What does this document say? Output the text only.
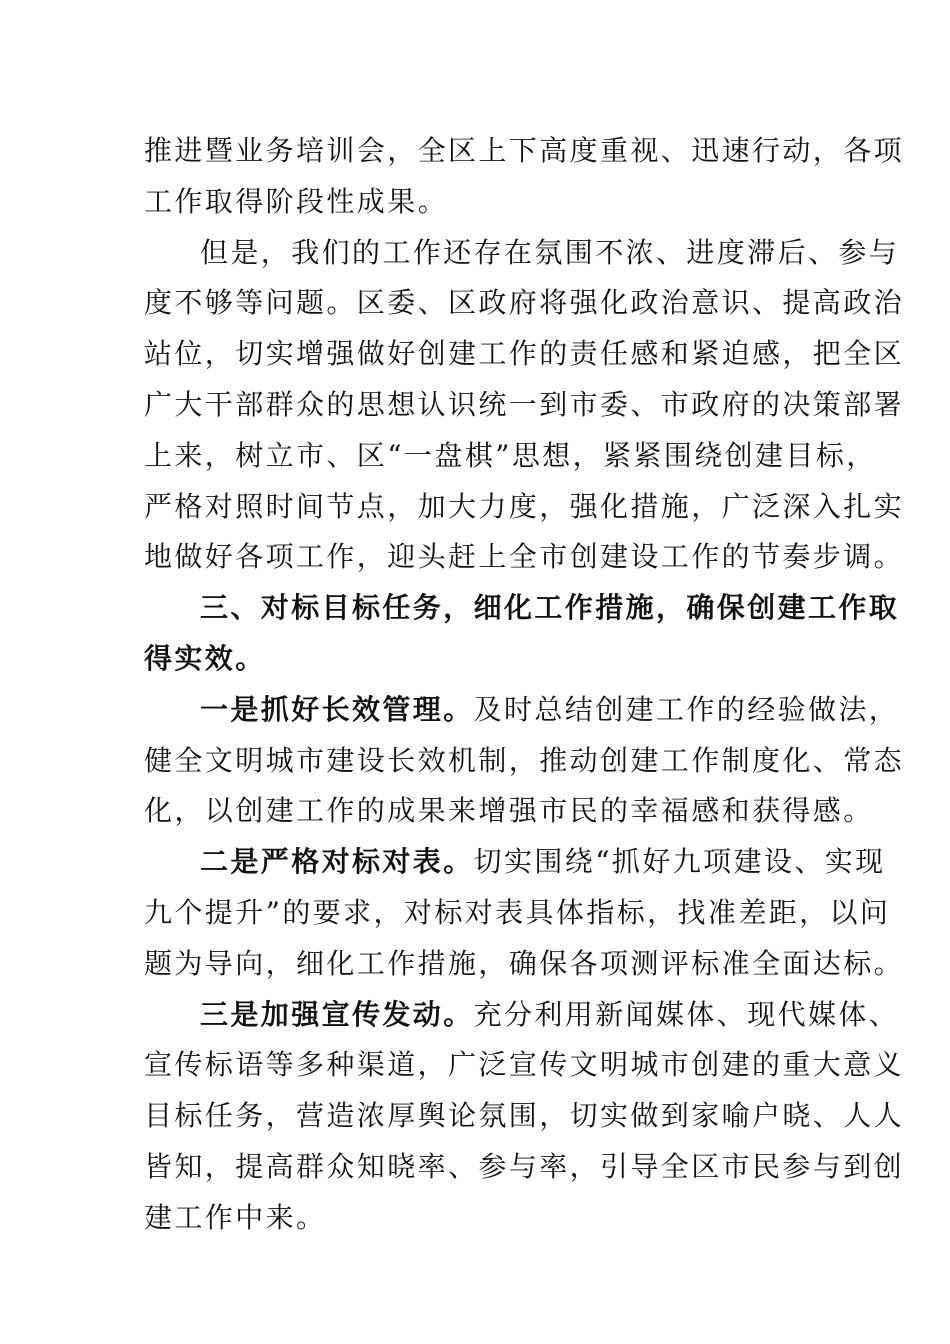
推进暨业务培训会，全区上下高度重视、迅速行动，各项
工作取得阶段性成果。
但是，我们的工作还存在氛围不浓、进度滞后、参与
度不够等问题。区委、区政府将强化政治意识、提高政治
站位，切实增强做好创建工作的责任感和紧迫感，把全区
广大干部群众的思想认识统一到市委、市政府的决策部署
上来，树立市、区“一盘棋”思想，紧紧围绕创建目标，
严格对照时间节点，加大力度，强化措施，广泛深入扎实
地做好各项工作，迎头赶上全市创建设工作的节奏步调。
三、对标目标任务，细化工作措施，确保创建工作取
得实效。
一是抓好长效管理。及时总结创建工作的经验做法，
健全文明城市建设长效机制，推动创建工作制度化、常态
化，以创建工作的成果来增强市民的幸福感和获得感。
二是严格对标对表。切实围绕“抓好九项建设、实现
九个提升”的要求，对标对表具体指标，找准差距，以问
题为导向，细化工作措施，确保各项测评标准全面达标。
三是加强宣传发动。充分利用新闻媒体、现代媒体、
宣传标语等多种渠道，广泛宣传文明城市创建的重大意义
目标任务，营造浓厚舆论氛围，切实做到家喻户晓、人人
皆知，提高群众知晓率、参与率，引导全区市民参与到创
建工作中来。
